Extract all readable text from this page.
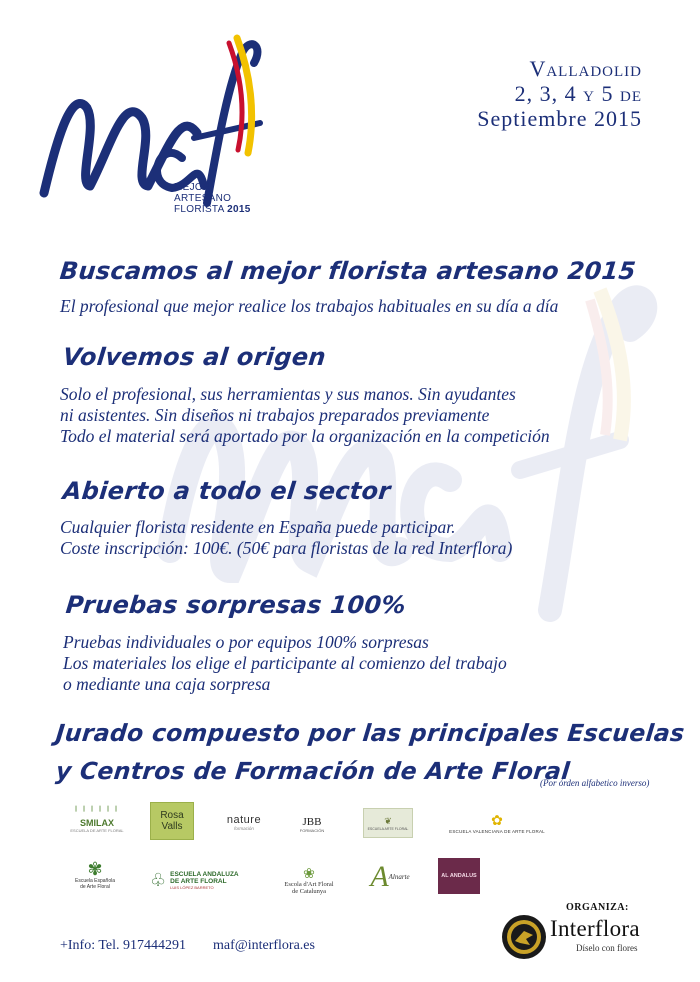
MEJOR
ARTESANO
FLORISTA 2015
Valladolid
2, 3, 4 y 5 de
Septiembre 2015
Buscamos al mejor florista artesano 2015
El profesional que mejor realice los trabajos habituales en su día a día
Volvemos al origen
Solo el profesional, sus herramientas y sus manos. Sin ayudantes
ni asistentes. Sin diseños ni trabajos preparados previamente
Todo el material será aportado por la organización en la competición
Abierto a todo el sector
Cualquier florista residente en España puede participar.
Coste inscripción: 100€. (50€ para floristas de la red Interflora)
Pruebas sorpresas 100%
Pruebas individuales o por equipos 100% sorpresas
Los materiales los elige el participante al comienzo del trabajo
o mediante una caja sorpresa
Jurado compuesto por las principales Escuelas
y Centros de Formación de Arte Floral
(Por órden alfabetico inverso)
╵╵╵╵╵╵
SMILAX
ESCUELA DE ARTE FLORAL
Rosa
Valls
nature
formación
JBB
FORMACIÓN
❦
ESCUELA ARTE FLORAL
✿
ESCUELA VALENCIANA DE ARTE FLORAL
✾
Escuela Española
de Arte Floral ♧ ESCUELA ANDALUZA
DE ARTE FLORAL
LUIS LÓPEZ BARRETO
❀
Escola d'Art Floral
de Catalunya A Alnarte	AL ANDALUS
+Info: Tel. 917444291 maf@interflora.es
ORGANIZA:
Interflora
Díselo con flores
